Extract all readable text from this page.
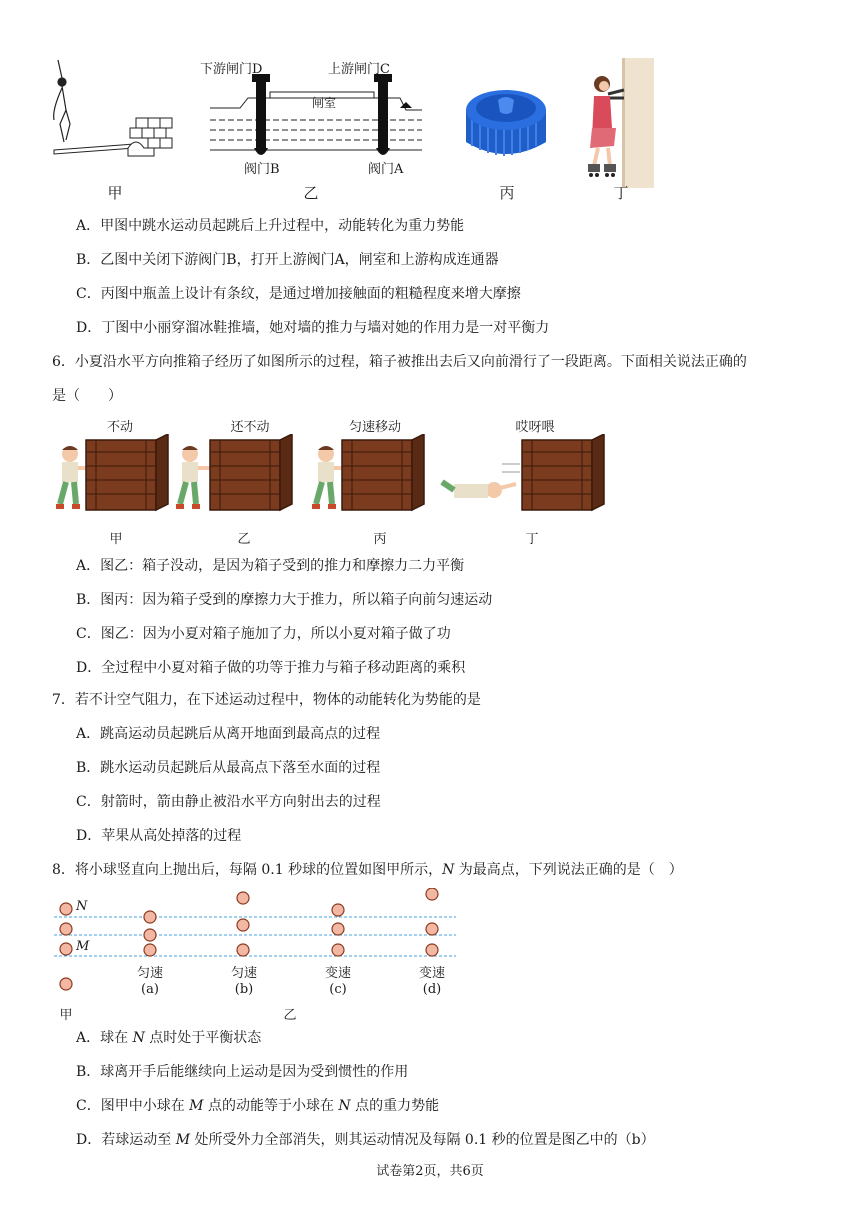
下游闸门D	上游闸门C
闸室
阀门B	阀门A
甲	乙	丙	丁
A．甲图中跳水运动员起跳后上升过程中，动能转化为重力势能
B．乙图中关闭下游阀门B，打开上游阀门A，闸室和上游构成连通器
C．丙图中瓶盖上设计有条纹，是通过增加接触面的粗糙程度来增大摩擦
D．丁图中小丽穿溜冰鞋推墙，她对墙的推力与墙对她的作用力是一对平衡力
6．小夏沿水平方向推箱子经历了如图所示的过程，箱子被推出去后又向前滑行了一段距离。下面相关说法正确的
是（　　）
不动	还不动	匀速移动	哎呀喂
甲	乙	丙	丁
A．图乙：箱子没动，是因为箱子受到的推力和摩擦力二力平衡
B．图丙：因为箱子受到的摩擦力大于推力，所以箱子向前匀速运动
C．图乙：因为小夏对箱子施加了力，所以小夏对箱子做了功
D．全过程中小夏对箱子做的功等于推力与箱子移动距离的乘积
7．若不计空气阻力，在下述运动过程中，物体的动能转化为势能的是
A．跳高运动员起跳后从离开地面到最高点的过程
B．跳水运动员起跳后从最高点下落至水面的过程
C．射箭时，箭由静止被沿水平方向射出去的过程
D．苹果从高处掉落的过程
8．将小球竖直向上抛出后，每隔 0.1 秒球的位置如图甲所示，N 为最高点，下列说法正确的是（　）
N
M
匀速	匀速	变速	变速
(a)	(b)	(c)	(d)
甲	乙
A．球在 N 点时处于平衡状态
B．球离开手后能继续向上运动是因为受到惯性的作用
C．图甲中小球在 M 点的动能等于小球在 N 点的重力势能
D．若球运动至 M 处所受外力全部消失，则其运动情况及每隔 0.1 秒的位置是图乙中的（b）
试卷第2页，共6页
